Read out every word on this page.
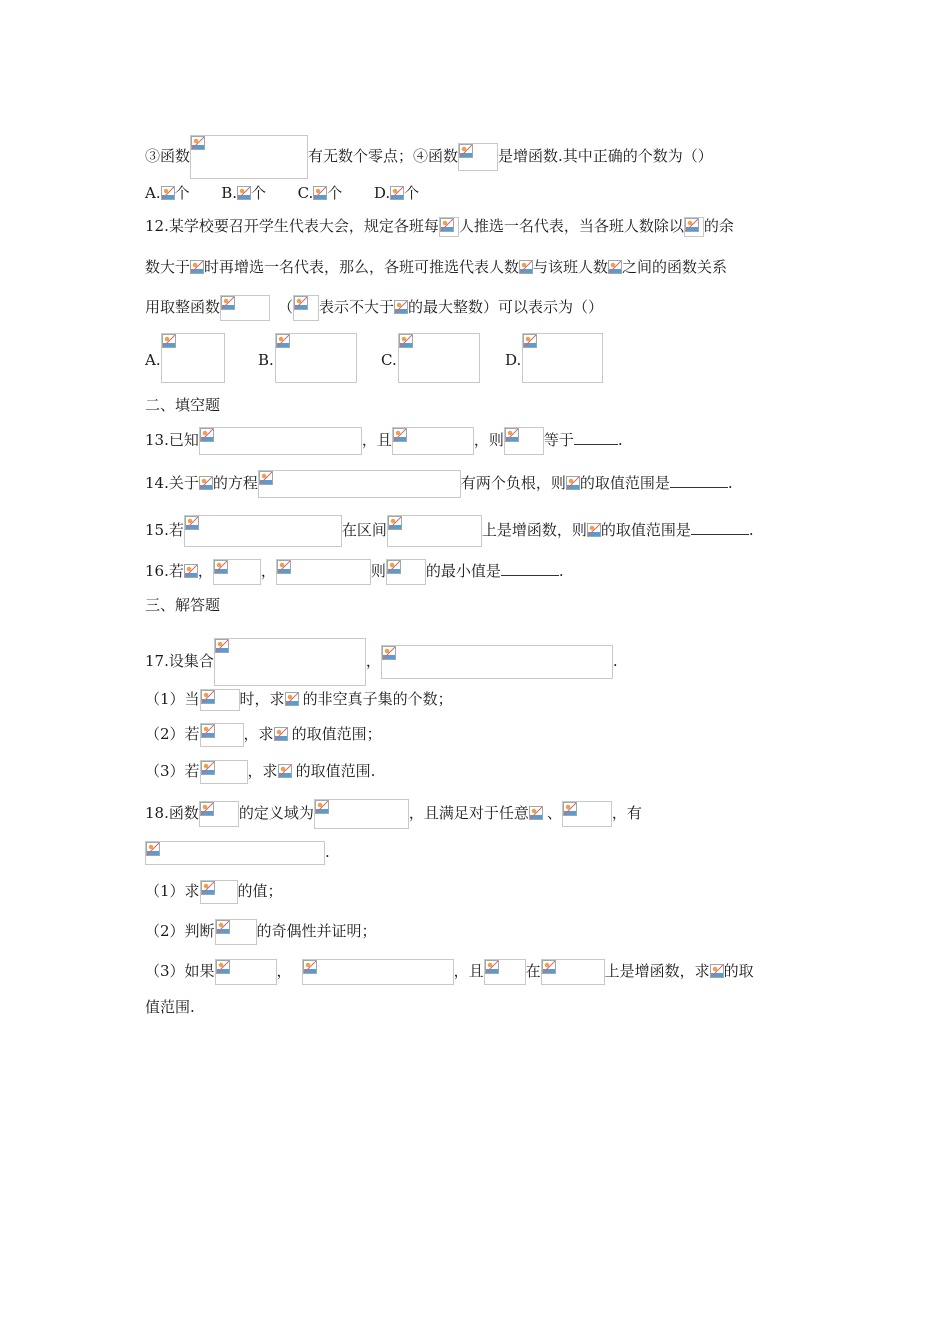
③函数	有无数个零点；④函数	是增函数.其中正确的个数为（）
A. 个 B. 个 C. 个 D. 个
12.某学校要召开学生代表大会，规定各班每 人推选一名代表，当各班人数除以 的余
数大于 时再增选一名代表，那么，各班可推选代表人数 与该班人数 之间的函数关系
用取整函数	（ 表示不大于 的最大整数）可以表示为（）
A.	B.	C.	D.
二、填空题
13.已知	，且	，则	等于	.
14.关于 的方程	有两个负根，则 的取值范围是	.
15.若	在区间	上是增函数，则 的取值范围是	.
16.若 ，	，	则	的最小值是	.
三、解答题
17.设集合	，	.
（1）当	时，求 的非空真子集的个数；
（2）若	，求 的取值范围；
（3）若	，求 的取值范围.
18.函数	的定义域为	，且满足对于任意 、	，有
.
（1）求	的值；
（2）判断	的奇偶性并证明；
（3）如果	，	，且	在	上是增函数，求 的取
值范围.
